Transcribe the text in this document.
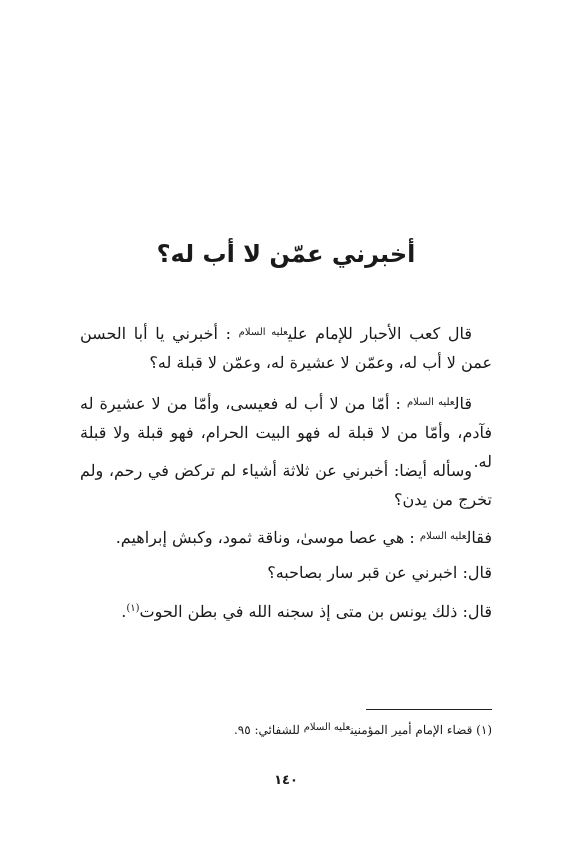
أخبرني عمّن لا أب له؟
قال كعب الأحبار للإمام علي$^{عليه السلام}$ : أخبرني يا أبا الحسن عمن لا أب له، وعمّن لا عشيرة له، وعمّن لا قبلة له؟
قال$^{عليه السلام}$ : أمّا من لا أب له فعيسى، وأمّا من لا عشيرة له فآدم، وأمّا من لا قبلة له فهو البيت الحرام، فهو قبلة ولا قبلة له.
وسأله أيضا: أخبرني عن ثلاثة أشياء لم تركض في رحم، ولم تخرج من يدن؟
فقال$^{عليه السلام}$ : هي عصا موسىٰ، وناقة ثمود، وكبش إبراهيم.
قال: اخبرني عن قبر سار بصاحبه؟
قال: ذلك يونس بن متى إذ سجنه الله في بطن الحوت$^{(١)}$.
(١) قضاء الإمام أمير المؤمنين$^{عليه السلام}$ للشفائي: ٩٥.
١٤٠
